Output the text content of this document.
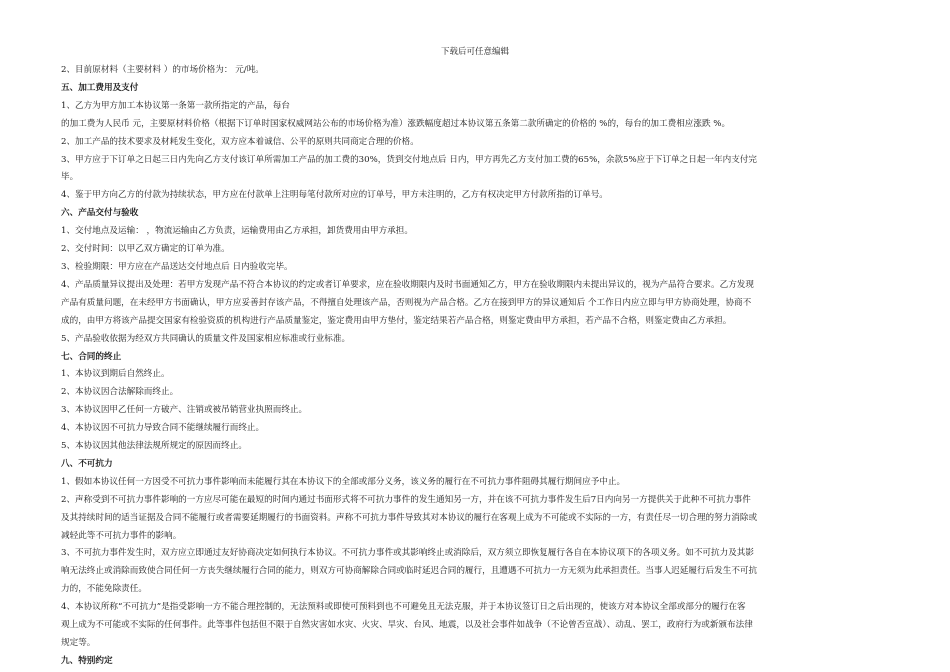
下载后可任意编辑

2、目前原材料（主要材料 ）的市场价格为： 元/吨。

五、加工费用及支付

1、乙方为甲方加工本协议第一条第一款所指定的产品，每台

的加工费为人民币 元，主要原材料价格（根据下订单时国家权威网站公布的市场价格为准）涨跌幅度超过本协议第五条第二款所确定的价格的 %的，每台的加工费相应涨跌 %。

2、加工产品的技术要求及材耗发生变化，双方应本着诚信、公平的原则共同商定合理的价格。

3、甲方应于下订单之日起三日内先向乙方支付该订单所需加工产品的加工费的30%，货到交付地点后 日内，甲方再先乙方支付加工费的65%，余款5%应于下订单之日起一年内支付完

毕。

4、鉴于甲方向乙方的付款为持续状态，甲方应在付款单上注明每笔付款所对应的订单号，甲方未注明的，乙方有权决定甲方付款所指的订单号。

六、产品交付与验收

1、交付地点及运输： ，物流运输由乙方负责，运输费用由乙方承担，卸货费用由甲方承担。

2、交付时间：以甲乙双方确定的订单为准。

3、检验期限：甲方应在产品送达交付地点后 日内验收完毕。

4、产品质量异议提出及处理：若甲方发现产品不符合本协议的约定或者订单要求，应在验收期限内及时书面通知乙方，甲方在验收期限内未提出异议的，视为产品符合要求。乙方发现

产品有质量问题，在未经甲方书面确认，甲方应妥善封存该产品，不得擅自处理该产品，否则视为产品合格。乙方在接到甲方的异议通知后 个工作日内应立即与甲方协商处理，协商不

成的，由甲方将该产品提交国家有检验资质的机构进行产品质量鉴定，鉴定费用由甲方垫付，鉴定结果若产品合格，则鉴定费由甲方承担，若产品不合格，则鉴定费由乙方承担。

5、产品验收依据为经双方共同确认的质量文件及国家相应标准或行业标准。

七、合同的终止

1、本协议到期后自然终止。

2、本协议因合法解除而终止。

3、本协议因甲乙任何一方破产、注销或被吊销营业执照而终止。

4、本协议因不可抗力导致合同不能继续履行而终止。

5、本协议因其他法律法规所规定的原因而终止。

八、不可抗力

1、假如本协议任何一方因受不可抗力事件影响而未能履行其在本协议下的全部或部分义务，该义务的履行在不可抗力事件阻碍其履行期间应予中止。

2、声称受到不可抗力事件影响的一方应尽可能在最短的时间内通过书面形式将不可抗力事件的发生通知另一方，并在该不可抗力事件发生后7日内向另一方提供关于此种不可抗力事件

及其持续时间的适当证据及合同不能履行或者需要延期履行的书面资料。声称不可抗力事件导致其对本协议的履行在客观上成为不可能或不实际的一方，有责任尽一切合理的努力消除或

减轻此等不可抗力事件的影响。

3、不可抗力事件发生时，双方应立即通过友好协商决定如何执行本协议。不可抗力事件或其影响终止或消除后，双方须立即恢复履行各自在本协议项下的各项义务。如不可抗力及其影

响无法终止或消除而致使合同任何一方丧失继续履行合同的能力，则双方可协商解除合同或临时延迟合同的履行，且遭遇不可抗力一方无须为此承担责任。当事人迟延履行后发生不可抗

力的，不能免除责任。

4、本协议所称“不可抗力”是指受影响一方不能合理控制的，无法预料或即使可预料到也不可避免且无法克服，并于本协议签订日之后出现的，使该方对本协议全部或部分的履行在客

观上成为不可能或不实际的任何事件。此等事件包括但不限于自然灾害如水灾、火灾、旱灾、台风、地震，以及社会事件如战争（不论曾否宣战）、动乱、罢工，政府行为或新颁布法律

规定等。

九、特别约定
